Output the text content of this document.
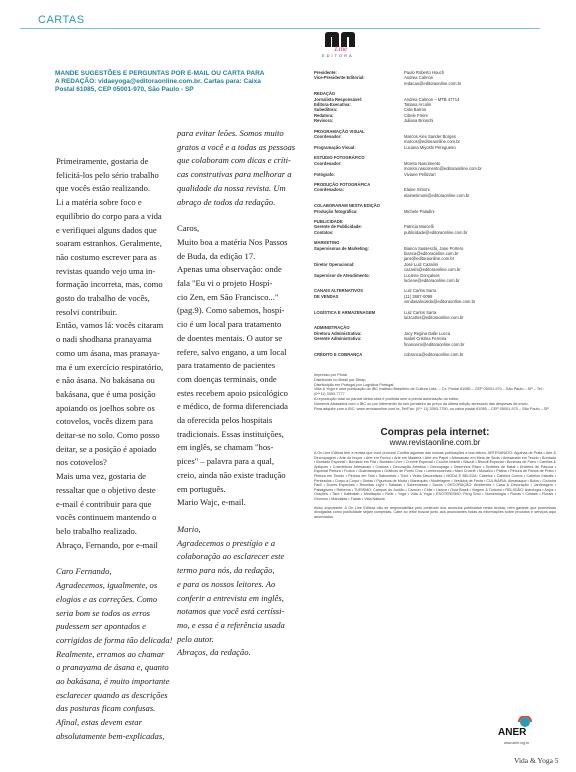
CARTAS
MANDE SUGESTÕES E PERGUNTAS POR E-MAIL OU CARTA PARA
A REDAÇÃO: vidaeyoga@editoraonline.com.br. Cartas para: Caixa
Postal 61085, CEP 05001-970, São Paulo - SP

Primeiramente, gostaria de

felicitá-los pelo sério trabalho

que vocês estão realizando.

Li a matéria sobre foco e

equilíbrio do corpo para a vida

e verifiquei alguns dados que

soaram estranhos. Geralmente,

não costumo escrever para as

revistas quando vejo uma in-

formação incorreta, mas, como

gosto do trabalho de vocês,

resolvi contribuir.

Então, vamos lá: vocês citaram

o nadi shodhana pranayama

como um ásana, mas pranaya-

ma é um exercício respiratório,

e não ásana. No bakásana ou

bakásana, que é uma posição

apoiando os joelhos sobre os

cotovelos, vocês dizem para

deitar-se no solo. Como posso

deitar, se a posição é apoiado

nos cotovelos?

Mais uma vez, gostaria de

ressaltar que o objetivo deste

e-mail é contribuir para que

vocês continuem mantendo o

belo trabalho realizado.

Abraço, Fernando, por e-mail

Caro Fernando,
Agradecemos, igualmente, os
elogios e as correções. Como
seria bom se todos os erros
pudessem ser apontados e
corrigidos de forma tão delicada!
Realmente, erramos ao chamar
o pranayama de ásana e, quanto
ao bakásana, é muito importante
esclarecer quando as descrições
das posturas ficam confusas.
Afinal, estas devem estar
absolutamente bem-explicadas,
para evitar leões. Somos muito
gratos a você e a todas as pessoas
que colaboram com dicas e críti-
cas construtivas para melhorar a
qualidade da nossa revista. Um
abraço de todos da redação.

Caros,

Muito boa a matéria Nos Passos

de Buda, da edição 17.

Apenas uma observação: onde

fala "Eu vi o projeto Hospí-

cio Zen, em São Francisco..."

(pag.9). Como sabemos, hospí-

cio é um local para tratamento

de doentes mentais. O autor se

refere, salvo engano, a um local

para tratamento de pacientes

com doenças terminais, onde

estes recebem apoio psicológico

e médico, de forma diferenciada

da oferecida pelos hospitais

tradicionais. Essas instituições,

em inglês, se chamam "hos-

pices" – palavra para a qual,

creio, ainda não existe tradução

em português.

Mario Wajc, e-mail.

Mario,
Agradecemos o prestígio e a
colaboração ao esclarecer este
termo para nós, da redação,
e para os nossos leitores. Ao
conferir a entrevista em inglês,
notamos que você está certíssi-
mo, e essa é a referência usada
pelo autor.
Abraços, da redação.
Line
EDITORA
Presidente:	Paulo Roberto Houch
Vice-Presidente Editorial:	Andrea Calmon
redacao@editoraonline.com.br
REDAÇÃO
Jornalista Responsável:	Andrea Calmon – MTB 47714
Editora-Executiva:	Tatiana Arcolin
Subeditora:	Cida Barros
Redatora:	Cibele Freire
Revisora:	Juliana Brioschi
PROGRAMAÇÃO VISUAL
Coordenador:	Marcos Alex Sander Borges
marcos@editoraonline.com.br
Programação Visual:	Luciana Miyoshi Peregueiro
ESTÚDIO FOTOGRÁFICO
Coordenador:	Moreto Nascimento
moreto.nascimento@editoraonline.com.br
Fotógrafo:	Viviane Pellizzari
PRODUÇÃO FOTOGRÁFICA
Coordenadora:	Elaine Simoni
elainesimoni@editoraonline.com.br
COLABORARAM NESTA EDIÇÃO
Produção fotográfica:	Michele Paladini
PUBLICIDADE
Gerente de Publicidade:	Patricia Marcelli
Contatos:	publicidade@editoraonline.com.br
MARKETING
Supervisoras de Marketing:	Bianca Sasseschi, Jane Portero
bianca@editoraonline.com.br
jane@editoraonline.com.br
Diretor Operacional:	José Luiz Cazarini
cazarini@editoraonline.com.br
Supervisor de Atendimento:	Luciene Gonçalves
luciene@editoraonline.com.br
CANAIS ALTERNATIVOS	Luiz Carlos Sarra
DE VENDAS	(11) 3687-0099
vendasalocaldo@editoraonline.com.br
LOGÍSTICA E ARMAZENAGEM	Luiz Carlos Sarra
luizcarlos@editoraonline.com.br
ADMINISTRAÇÃO
Diretora Administrativa:	Jacy Regina Dalle Lucca
Gerente Administrativa:	Isabel Cristina Ferreira
financeiro@editoraonline.com.br
CRÉDITO E COBRANÇA	cobranca@editoraonline.com.br
Impresso por Plural
Distribuído no Brasil por Dinap
Distribuição em Portugal por Logística Portugal
Vida & Yoga é uma publicação do IBC Instituto Brasileiro de Cultura Ltda. – Cx. Postal 61085 – CEP 05001-970 – São Paulo – SP – Tel.: (0**11) 3393-7777
A reprodução total ou parcial desta obra é proibida sem a prévia autorização do editor.
Números Atrasados com o IBC ou por intermédio do seu jornaleiro ao preço da última edição acrescido das despesas de envio.
Para adquirir com o IBC: www.revistaonline.com.br, Tel/Fax: (0** 11) 3393-7750, ou caixa postal 61085 – CEP 05001-970 – São Paulo – SP
Compras pela internet:
www.revistaonline.com.br
A On Line Editora tem a revista que você procura! Confira algumas das nossas publicações e boa leitura. ARTESANATO: Agulhas de Prata • Arte & Decoupagem • Arte do Isopor • Arte em Fuxico • Arte em Madeira • Arte em Papel • Artesanato em Meia de Seda • Artesanato em Tecido • Bordado • Bordado Especial • Bordado em Fita • Bordado Livre • Crochê Especial • Croché Infantil • Biscuit • Biscuit Especial • Bonecas de Pano • Cartões & Apliques • Cosméticos Artesanais • Costura • Decoração Artística • Decoupage • Desenhos Risco • Enfeites de Natal • Enfeites de Páscoa • Especial Pintura • Fuxico • Guardanapos • Gráficos de Ponto Cruz • Lembrancinhas • Maxi Crochê • Mosaico • Pátina • Pintura de Panos de Prato • Pintura em Tecido • Pintura em Tela • Sabonetes • Tricô • Velas Decorativas • MODA E BELEZA: Cabelos • Cabelos Curtos • Cabelos Infantis • Penteados • Corpo a Corpo • Dietas • Figurinos de Moda • Manequim • Modelagem • Vestidos de Festa • CULINÁRIA: Almanaque • Bolos • Cozinha Fácil • Doces Especiais • Receitas Light • Saladas • Sobremesas • Sucos • DECORAÇÃO: Ambientes • Casa & Decoração • Jardinagem • Paisagismo • Reforma • TURISMO: Campos do Jordão • Cancún • Chile • Lisboa • Guia Brasil • Viagem & Turismo • RELIGIÃO: Astrologia • Anjos • Orações • Tarô • Kabbalah • Meditação • Reiki • Yoga • Vida & Yoga • ESOTERISMO: Feng Shui • Numerologia • Runas • Cristais • Florais • Gnomos • Mandalas • Fadas • Vida Natural.
Aviso Importante: A On Line Editora não se responsabiliza pelo conteúdo dos anúncios publicados nesta revista, nem garante que promessas divulgadas como publicidade sejam cumpridas. Cabe ao leitor buscar junto aos anunciantes todas as informações sobre produtos e serviços aqui anunciados.
ANER
www.aner.org.br
Vida & Yoga 5
